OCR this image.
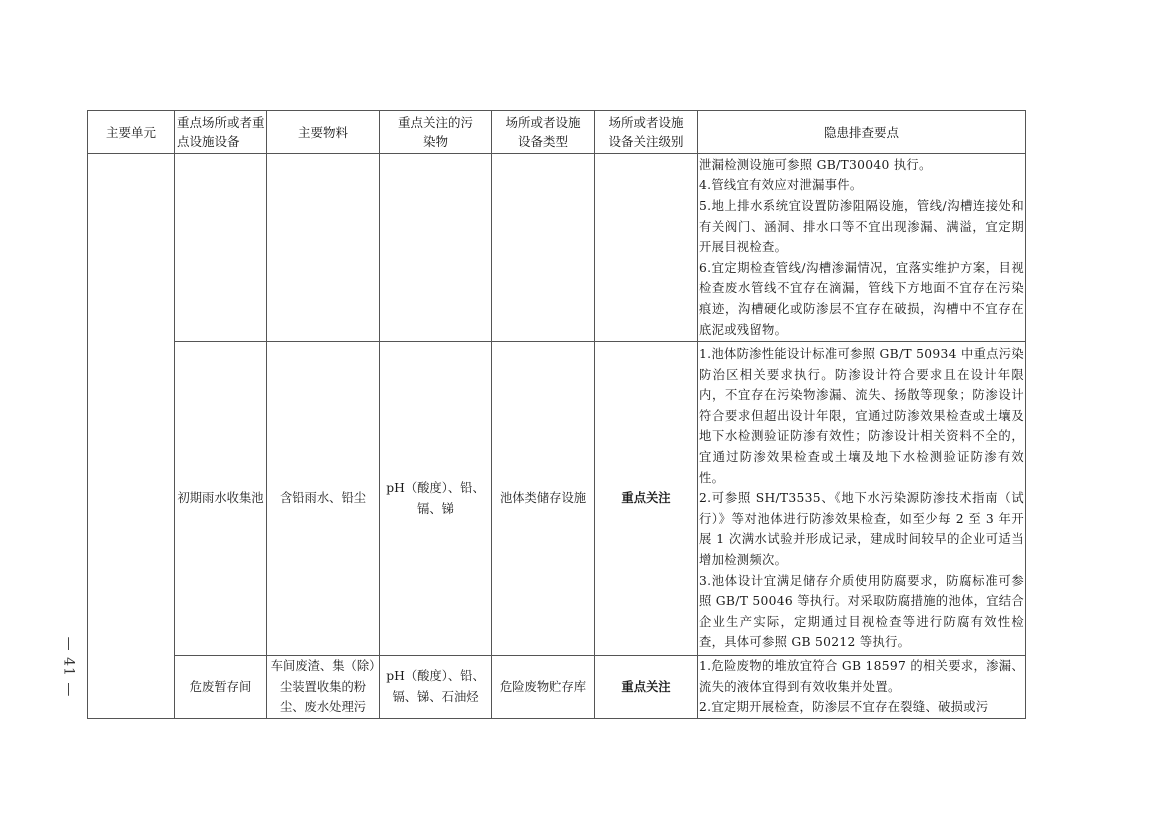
— 41 —
主要单元	重点场所或者重点设施设备	主要物料	重点关注的污染物	场所或者设施设备类型	场所或者设施设备关注级别	隐患排查要点

						泄漏检测设施可参照 GB/T30040 执行。
4.管线宜有效应对泄漏事件。
5.地上排水系统宜设置防渗阻隔设施，管线/沟槽连接处和有关阀门、涵洞、排水口等不宜出现渗漏、满溢，宜定期开展目视检查。
6.宜定期检查管线/沟槽渗漏情况，宜落实维护方案，目视检查废水管线不宜存在滴漏，管线下方地面不宜存在污染痕迹，沟槽硬化或防渗层不宜存在破损，沟槽中不宜存在底泥或残留物。

	初期雨水收集池	含铅雨水、铅尘	pH（酸度）、铅、镉、锑	池体类储存设施	重点关注	1.池体防渗性能设计标准可参照 GB/T 50934 中重点污染防治区相关要求执行。防渗设计符合要求且在设计年限内，不宜存在污染物渗漏、流失、扬散等现象；防渗设计符合要求但超出设计年限，宜通过防渗效果检查或土壤及地下水检测验证防渗有效性；防渗设计相关资料不全的，宜通过防渗效果检查或土壤及地下水检测验证防渗有效性。
2.可参照 SH/T3535、《地下水污染源防渗技术指南（试行）》等对池体进行防渗效果检查，如至少每 2 至 3 年开展 1 次满水试验并形成记录，建成时间较早的企业可适当增加检测频次。
3.池体设计宜满足储存介质使用防腐要求，防腐标准可参照 GB/T 50046 等执行。对采取防腐措施的池体，宜结合企业生产实际，定期通过目视检查等进行防腐有效性检查，具体可参照 GB 50212 等执行。

	危废暂存间	车间废渣、集（除）尘装置收集的粉尘、废水处理污	pH（酸度）、铅、镉、锑、石油烃	危险废物贮存库	重点关注	1.危险废物的堆放宜符合 GB 18597 的相关要求，渗漏、流失的液体宜得到有效收集并处置。
2.宜定期开展检查，防渗层不宜存在裂缝、破损或污
